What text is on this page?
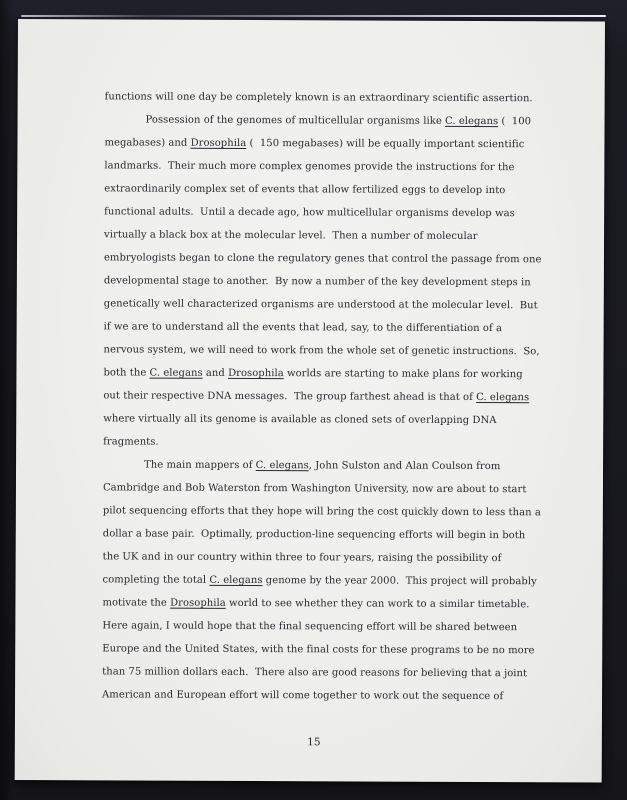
functions will one day be completely known is an extraordinary scientific assertion.
Possession of the genomes of multicellular organisms like C. elegans (  100
megabases) and Drosophila (  150 megabases) will be equally important scientific
landmarks.  Their much more complex genomes provide the instructions for the
extraordinarily complex set of events that allow fertilized eggs to develop into
functional adults.  Until a decade ago, how multicellular organisms develop was
virtually a black box at the molecular level.  Then a number of molecular
embryologists began to clone the regulatory genes that control the passage from one
developmental stage to another.  By now a number of the key development steps in
genetically well characterized organisms are understood at the molecular level.  But
if we are to understand all the events that lead, say, to the differentiation of a
nervous system, we will need to work from the whole set of genetic instructions.  So,
both the C. elegans and Drosophila worlds are starting to make plans for working
out their respective DNA messages.  The group farthest ahead is that of C. elegans
where virtually all its genome is available as cloned sets of overlapping DNA
fragments.
The main mappers of C. elegans, John Sulston and Alan Coulson from
Cambridge and Bob Waterston from Washington University, now are about to start
pilot sequencing efforts that they hope will bring the cost quickly down to less than a
dollar a base pair.  Optimally, production-line sequencing efforts will begin in both
the UK and in our country within three to four years, raising the possibility of
completing the total C. elegans genome by the year 2000.  This project will probably
motivate the Drosophila world to see whether they can work to a similar timetable.
Here again, I would hope that the final sequencing effort will be shared between
Europe and the United States, with the final costs for these programs to be no more
than 75 million dollars each.  There also are good reasons for believing that a joint
American and European effort will come together to work out the sequence of
15
